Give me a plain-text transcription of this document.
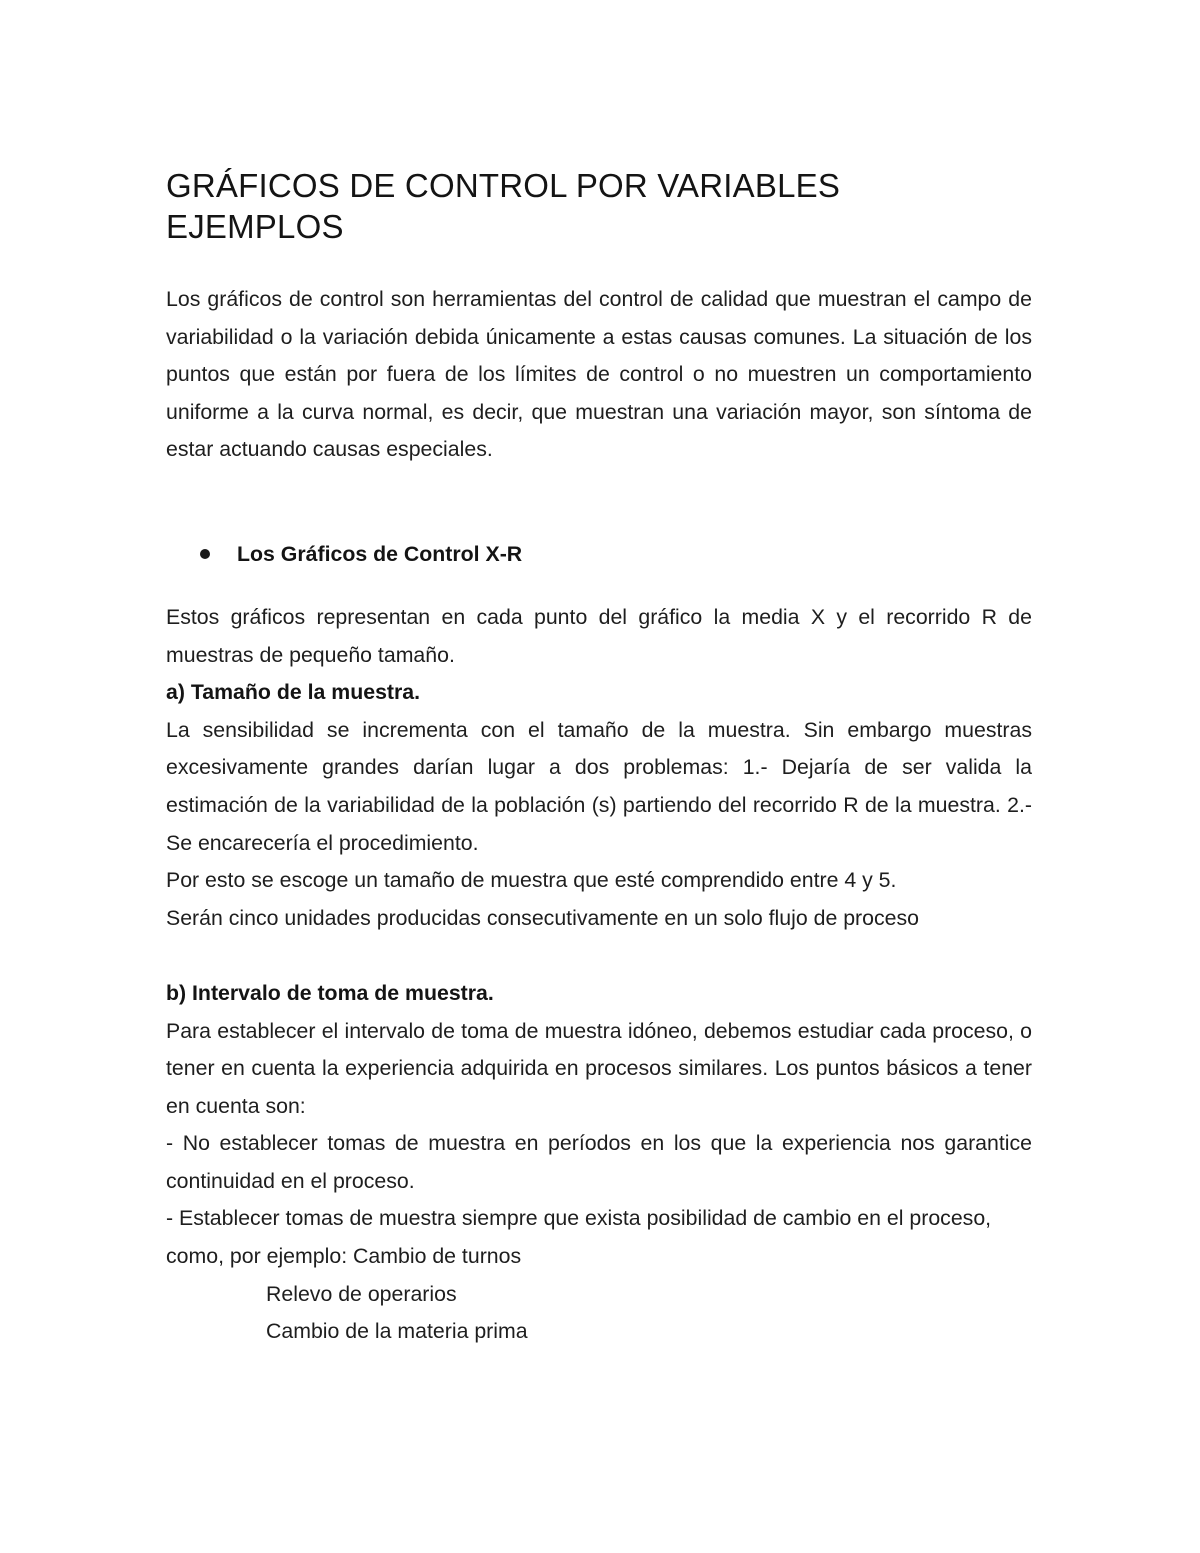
GRÁFICOS DE CONTROL POR VARIABLES
EJEMPLOS

Los gráficos de control son herramientas del control de calidad que muestran el campo de variabilidad o la variación debida únicamente a estas causas comunes. La situación de los puntos que están por fuera de los límites de control o no muestren un comportamiento uniforme a la curva normal, es decir, que muestran una variación mayor, son síntoma de estar actuando causas especiales.

Los Gráficos de Control X-R

Estos gráficos representan en cada punto del gráfico la media X y el recorrido R de muestras de pequeño tamaño.

a) Tamaño de la muestra.

La sensibilidad se incrementa con el tamaño de la muestra. Sin embargo muestras excesivamente grandes darían lugar a dos problemas: 1.- Dejaría de ser valida la estimación de la variabilidad de la población (s) partiendo del recorrido R de la muestra. 2.- Se encarecería el procedimiento.

Por esto se escoge un tamaño de muestra que esté comprendido entre 4 y 5.

Serán cinco unidades producidas consecutivamente en un solo flujo de proceso

b) Intervalo de toma de muestra.

Para establecer el intervalo de toma de muestra idóneo, debemos estudiar cada proceso, o tener en cuenta la experiencia adquirida en procesos similares. Los puntos básicos a tener en cuenta son:

- No establecer tomas de muestra en períodos en los que la experiencia nos garantice continuidad en el proceso.

- Establecer tomas de muestra siempre que exista posibilidad de cambio en el proceso, como, por ejemplo: Cambio de turnos

Relevo de operarios

Cambio de la materia prima
